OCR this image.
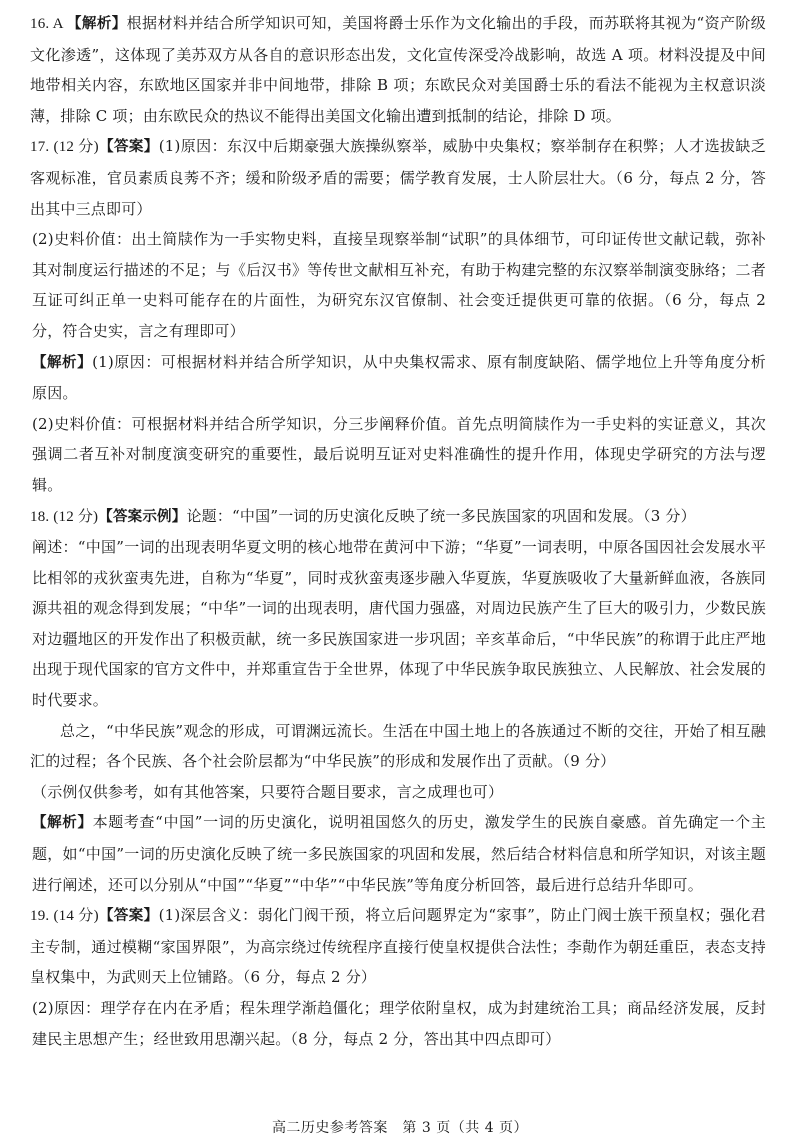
16. A 【解析】根据材料并结合所学知识可知，美国将爵士乐作为文化输出的手段，而苏联将其视为“资产阶级文化渗透”，这体现了美苏双方从各自的意识形态出发，文化宣传深受冷战影响，故选 A 项。材料没提及中间地带相关内容，东欧地区国家并非中间地带，排除 B 项；东欧民众对美国爵士乐的看法不能视为主权意识淡薄，排除 C 项；由东欧民众的热议不能得出美国文化输出遭到抵制的结论，排除 D 项。

17. (12 分)【答案】(1)原因：东汉中后期豪强大族操纵察举，威胁中央集权；察举制存在积弊；人才选拔缺乏客观标准，官员素质良莠不齐；缓和阶级矛盾的需要；儒学教育发展，士人阶层壮大。（6 分，每点 2 分，答出其中三点即可）

(2)史料价值：出土简牍作为一手实物史料，直接呈现察举制“试职”的具体细节，可印证传世文献记载，弥补其对制度运行描述的不足；与《后汉书》等传世文献相互补充，有助于构建完整的东汉察举制演变脉络；二者互证可纠正单一史料可能存在的片面性，为研究东汉官僚制、社会变迁提供更可靠的依据。（6 分，每点 2 分，符合史实，言之有理即可）

【解析】(1)原因：可根据材料并结合所学知识，从中央集权需求、原有制度缺陷、儒学地位上升等角度分析原因。

(2)史料价值：可根据材料并结合所学知识，分三步阐释价值。首先点明简牍作为一手史料的实证意义，其次强调二者互补对制度演变研究的重要性，最后说明互证对史料准确性的提升作用，体现史学研究的方法与逻辑。

18. (12 分)【答案示例】论题：“中国”一词的历史演化反映了统一多民族国家的巩固和发展。（3 分）

阐述：“中国”一词的出现表明华夏文明的核心地带在黄河中下游；“华夏”一词表明，中原各国因社会发展水平比相邻的戎狄蛮夷先进，自称为“华夏”，同时戎狄蛮夷逐步融入华夏族，华夏族吸收了大量新鲜血液，各族同源共祖的观念得到发展；“中华”一词的出现表明，唐代国力强盛，对周边民族产生了巨大的吸引力，少数民族对边疆地区的开发作出了积极贡献，统一多民族国家进一步巩固；辛亥革命后，“中华民族”的称谓于此庄严地出现于现代国家的官方文件中，并郑重宣告于全世界，体现了中华民族争取民族独立、人民解放、社会发展的时代要求。

总之，“中华民族”观念的形成，可谓渊远流长。生活在中国土地上的各族通过不断的交往，开始了相互融汇的过程；各个民族、各个社会阶层都为“中华民族”的形成和发展作出了贡献。（9 分）

（示例仅供参考，如有其他答案，只要符合题目要求，言之成理也可）

【解析】本题考查“中国”一词的历史演化，说明祖国悠久的历史，激发学生的民族自豪感。首先确定一个主题，如“中国”一词的历史演化反映了统一多民族国家的巩固和发展，然后结合材料信息和所学知识，对该主题进行阐述，还可以分别从“中国”“华夏”“中华”“中华民族”等角度分析回答，最后进行总结升华即可。

19. (14 分)【答案】(1)深层含义：弱化门阀干预，将立后问题界定为“家事”，防止门阀士族干预皇权；强化君主专制，通过模糊“家国界限”，为高宗绕过传统程序直接行使皇权提供合法性；李勣作为朝廷重臣，表态支持皇权集中，为武则天上位铺路。（6 分，每点 2 分）

(2)原因：理学存在内在矛盾；程朱理学渐趋僵化；理学依附皇权，成为封建统治工具；商品经济发展，反封建民主思想产生；经世致用思潮兴起。（8 分，每点 2 分，答出其中四点即可）

高二历史参考答案　第 3 页（共 4 页）
